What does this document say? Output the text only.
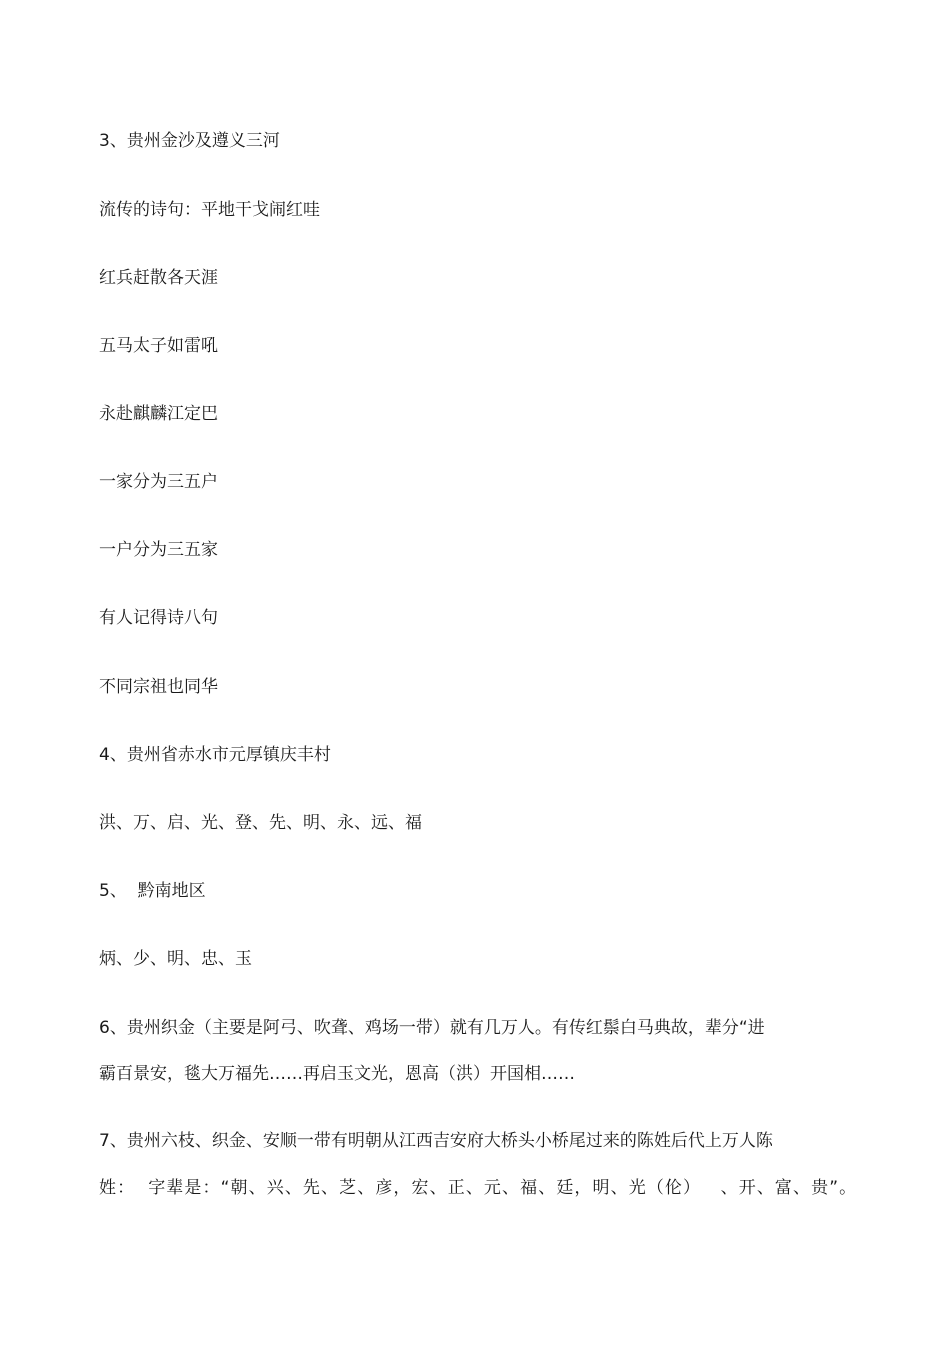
3、贵州金沙及遵义三河

流传的诗句：平地干戈闹红哇

红兵赶散各天涯

五马太子如雷吼

永赴麒麟江定巴

一家分为三五户

一户分为三五家

有人记得诗八句

不同宗祖也同华

4、贵州省赤水市元厚镇庆丰村

洪、万、启、光、登、先、明、永、远、福

5、  黔南地区

炳、少、明、忠、玉

6、贵州织金（主要是阿弓、吹聋、鸡场一带）就有几万人。有传红鬃白马典故，辈分“进

霸百景安，毯大万福先……再启玉文光，恩高（洪）开国相……

7、贵州六枝、织金、安顺一带有明朝从江西吉安府大桥头小桥尾过来的陈姓后代上万人陈

姓：  字辈是：“朝、兴、先、芝、彦，宏、正、元、福、廷，明、光（伦）   、开、富、贵”。
